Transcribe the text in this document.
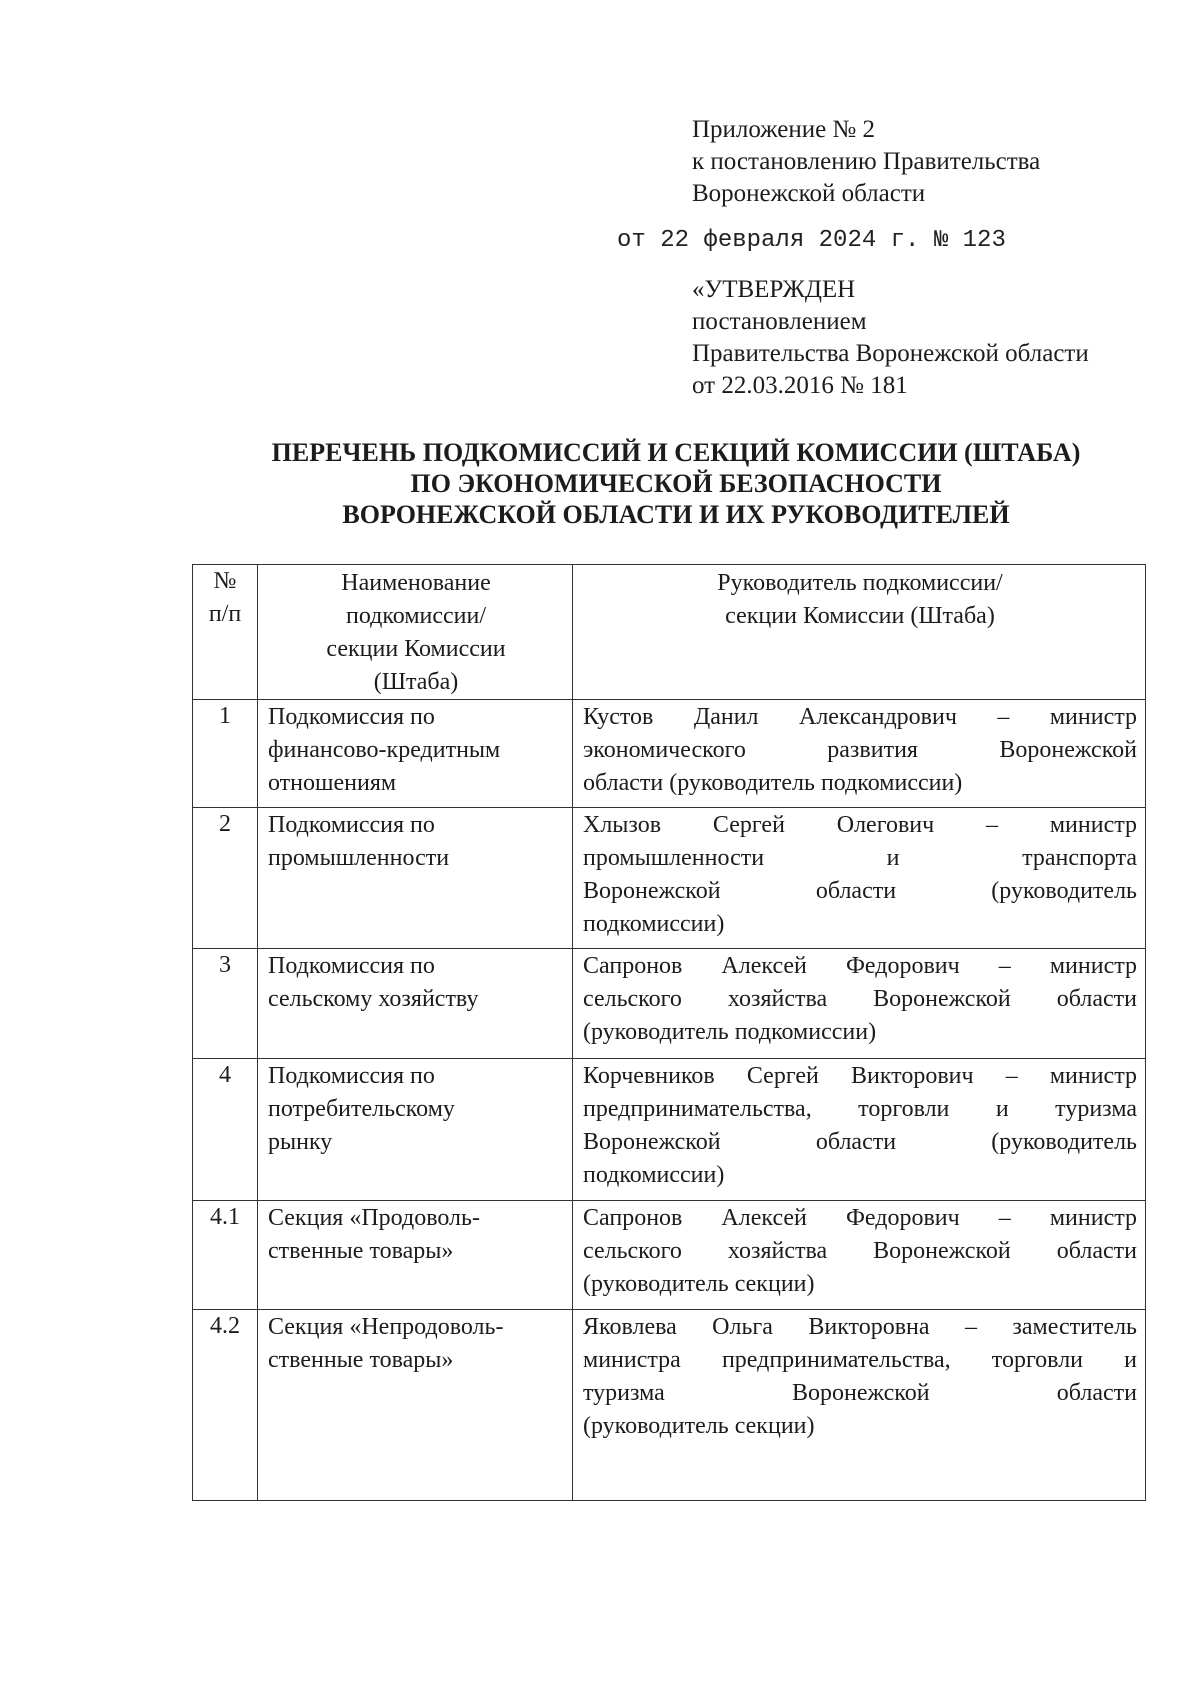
Приложение № 2
к постановлению Правительства
Воронежской области
от 22 февраля 2024 г. № 123
«УТВЕРЖДЕН
постановлением
Правительства Воронежской области
от 22.03.2016 № 181
ПЕРЕЧЕНЬ ПОДКОМИССИЙ И СЕКЦИЙ КОМИССИИ (ШТАБА)
ПО ЭКОНОМИЧЕСКОЙ БЕЗОПАСНОСТИ
ВОРОНЕЖСКОЙ ОБЛАСТИ И ИХ РУКОВОДИТЕЛЕЙ
№
п/п	Наименование
подкомиссии/
секции Комиссии
(Штаба)	Руководитель подкомиссии/
секции Комиссии (Штаба)

1	Подкомиссия по
финансово-кредитным
отношениям	Кустов Данил Александрович – министр
экономического развития Воронежской
области (руководитель подкомиссии)

2	Подкомиссия по
промышленности	Хлызов Сергей Олегович – министр
промышленности и транспорта
Воронежской области (руководитель
подкомиссии)

3	Подкомиссия по
сельскому хозяйству	Сапронов Алексей Федорович – министр
сельского хозяйства Воронежской области
(руководитель подкомиссии)

4	Подкомиссия по
потребительскому
рынку	Корчевников Сергей Викторович – министр
предпринимательства, торговли и туризма
Воронежской области (руководитель
подкомиссии)

4.1	Секция «Продоволь-
ственные товары»	Сапронов Алексей Федорович – министр
сельского хозяйства Воронежской области
(руководитель секции)

4.2	Секция «Непродоволь-
ственные товары»	Яковлева Ольга Викторовна – заместитель
министра предпринимательства, торговли и
туризма Воронежской области
(руководитель секции)
